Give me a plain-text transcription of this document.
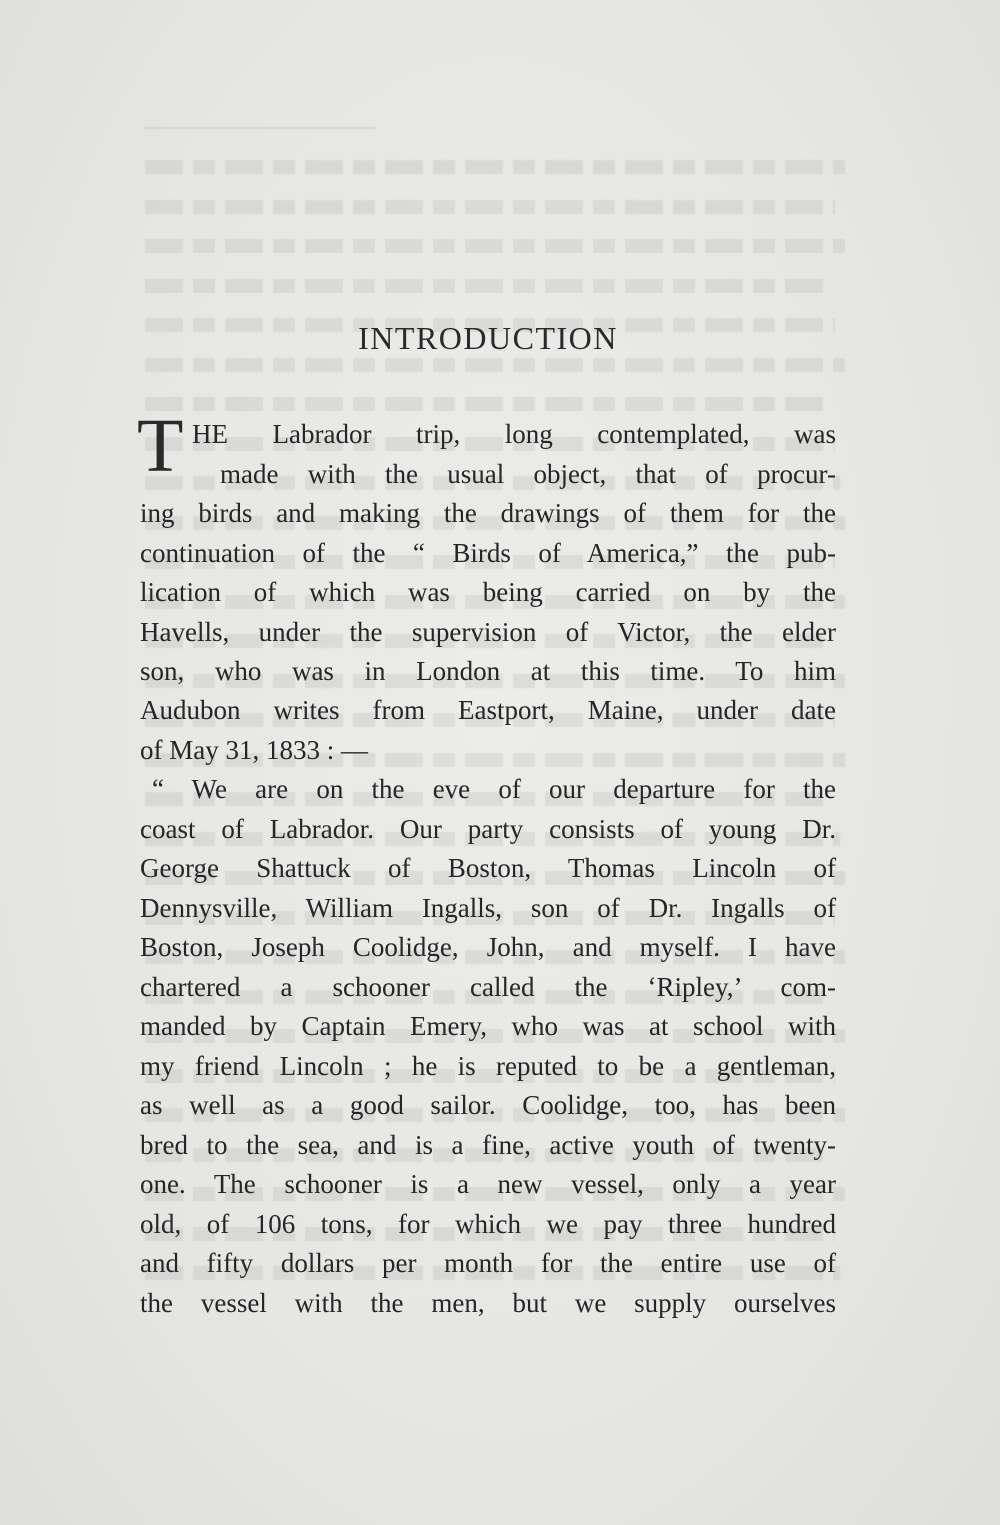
INTRODUCTION
T HE Labrador trip, long contemplated, was
made with the usual object, that of procur-
ing birds and making the drawings of them for the
continuation of the “ Birds of America,” the pub-
lication of which was being carried on by the
Havells, under the supervision of Victor, the elder
son, who was in London at this time. To him
Audubon writes from Eastport, Maine, under date
of May 31, 1833 : —
“ We are on the eve of our departure for the
coast of Labrador. Our party consists of young Dr.
George Shattuck of Boston, Thomas Lincoln of
Dennysville, William Ingalls, son of Dr. Ingalls of
Boston, Joseph Coolidge, John, and myself. I have
chartered a schooner called the ‘Ripley,’ com-
manded by Captain Emery, who was at school with
my friend Lincoln ; he is reputed to be a gentleman,
as well as a good sailor. Coolidge, too, has been
bred to the sea, and is a fine, active youth of twenty-
one. The schooner is a new vessel, only a year
old, of 106 tons, for which we pay three hundred
and fifty dollars per month for the entire use of
the vessel with the men, but we supply ourselves
